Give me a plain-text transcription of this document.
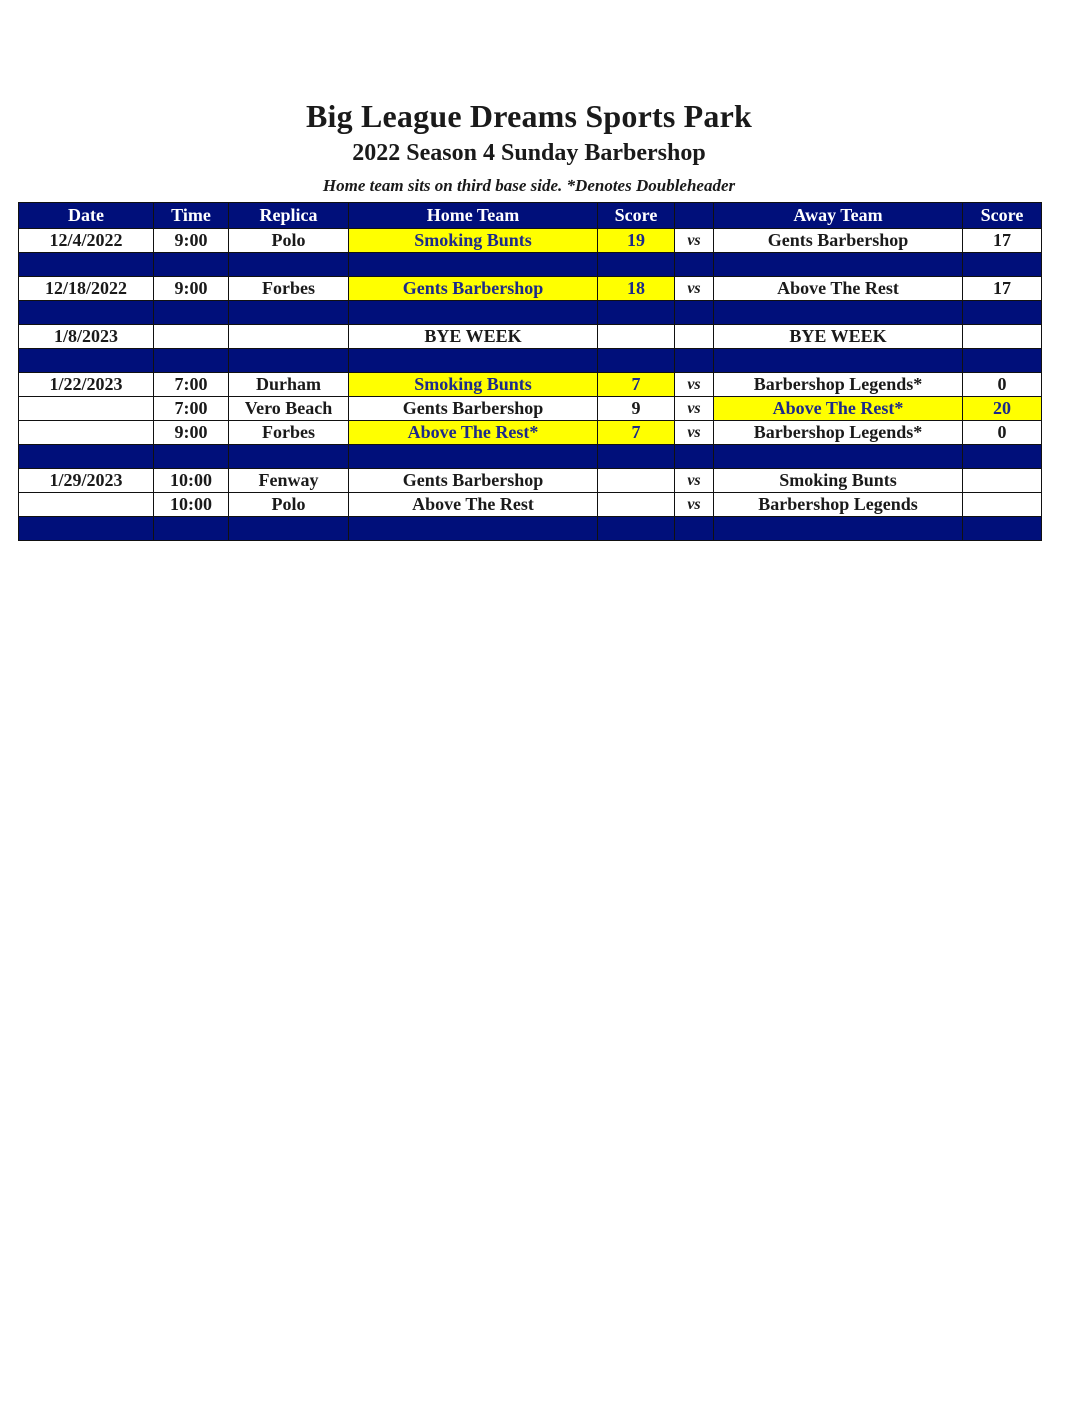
Big League Dreams Sports Park
2022 Season 4 Sunday Barbershop

Home team sits on third base side. *Denotes Doubleheader

Date	Time	Replica	Home Team	Score		Away Team	Score
12/4/2022	9:00	Polo	Smoking Bunts	19	vs	Gents Barbershop	17

12/18/2022	9:00	Forbes	Gents Barbershop	18	vs	Above The Rest	17

1/8/2023			BYE WEEK			BYE WEEK	

1/22/2023	7:00	Durham	Smoking Bunts	7	vs	Barbershop Legends*	0
	7:00	Vero Beach	Gents Barbershop	9	vs	Above The Rest*	20
	9:00	Forbes	Above The Rest*	7	vs	Barbershop Legends*	0

1/29/2023	10:00	Fenway	Gents Barbershop		vs	Smoking Bunts	
	10:00	Polo	Above The Rest		vs	Barbershop Legends	
